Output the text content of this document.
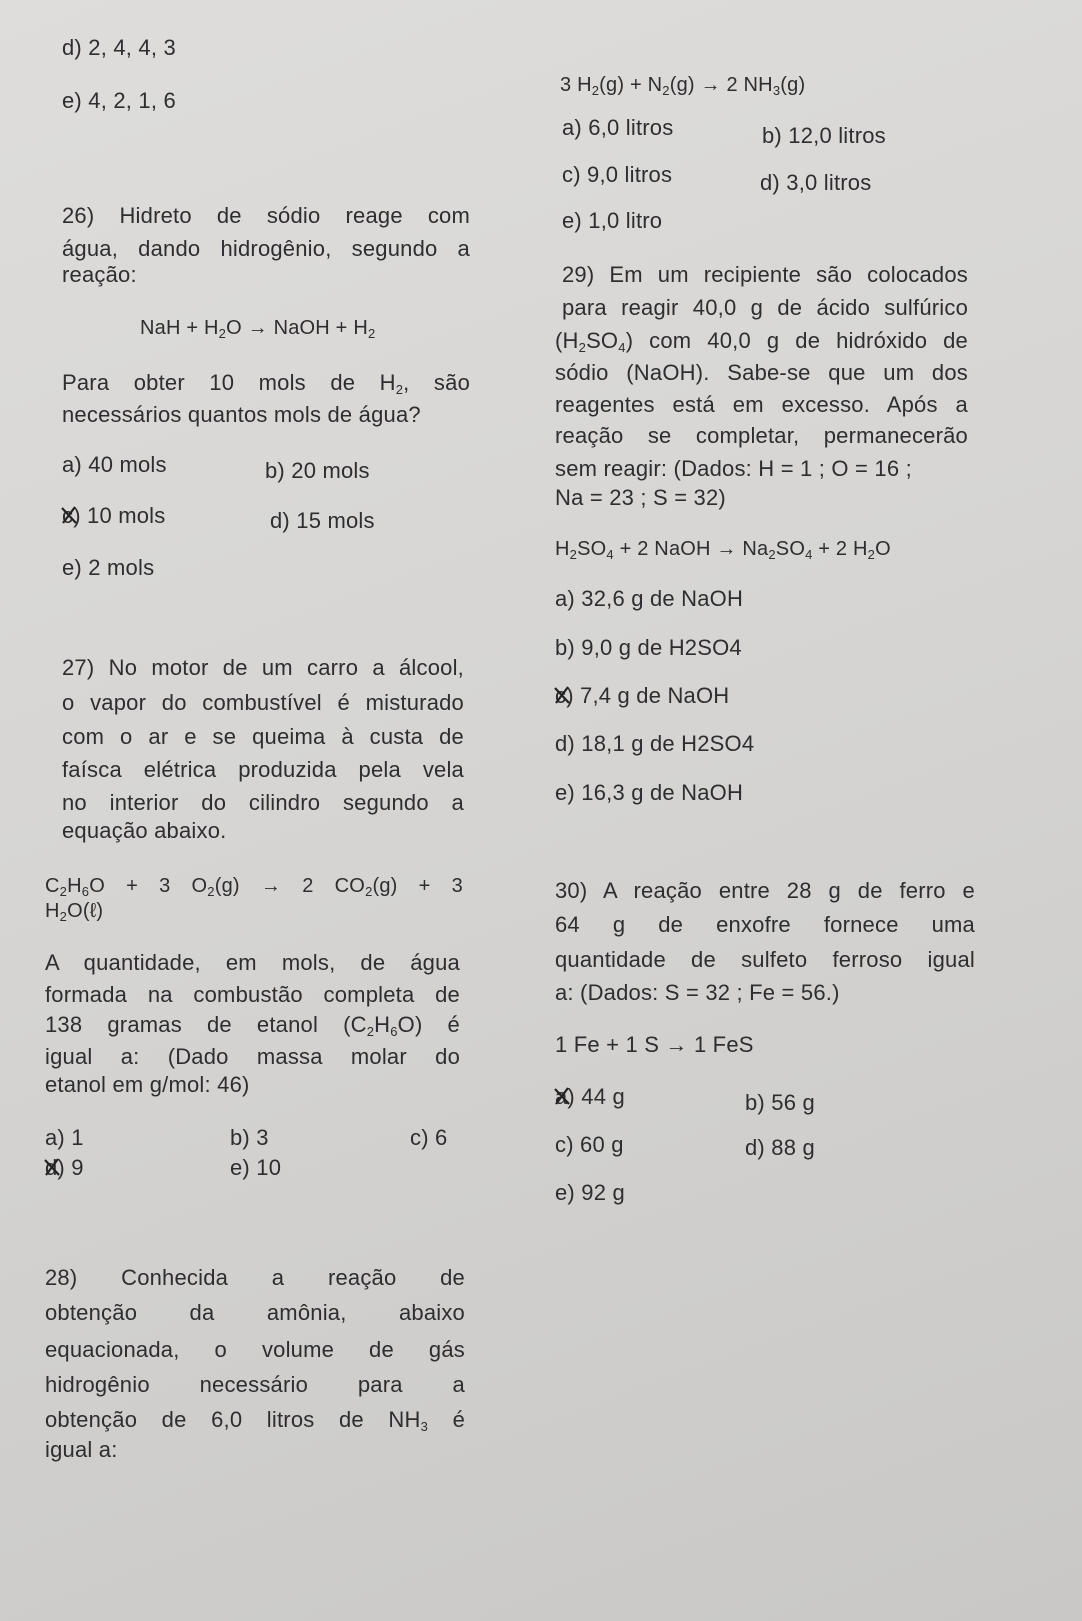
d) 2, 4, 4, 3
e) 4, 2, 1, 6
26) Hidreto de sódio reage com
água, dando hidrogênio, segundo a
reação:
NaH + $H_2O$ → NaOH + $H_2$
Para obter 10 mols de $H_2$, são
necessários quantos mols de água?
a) 40 mols	b) 20 mols
c) 10 mols	d) 15 mols
e) 2 mols
27) No motor de um carro a álcool,
o vapor do combustível é misturado
com o ar e se queima à custa de
faísca elétrica produzida pela vela
no interior do cilindro segundo a
equação abaixo.
$C_2H_6O + 3$ $O_2(g) \to 2$ $CO_2(g) + 3$
$H_2O(\ell)$
A quantidade, em mols, de água
formada na combustão completa de
138 gramas de etanol $(C_2H_6O)$ é
igual a: (Dado massa molar do
etanol em g/mol: 46)
a) 1	b) 3	c) 6
d) 9	e) 10
28) Conhecida a reação de
obtenção da amônia, abaixo
equacionada, o volume de gás
hidrogênio necessário para a
obtenção de 6,0 litros de $NH_3$ é
igual a:
3 $H_2(g) + N_2(g) \to 2$ $NH_3(g)$
a) 6,0 litros	b) 12,0 litros
c) 9,0 litros	d) 3,0 litros
e) 1,0 litro
29) Em um recipiente são colocados
para reagir 40,0 g de ácido sulfúrico
$(H_2SO_4)$ com 40,0 g de hidróxido de
sódio (NaOH). Sabe-se que um dos
reagentes está em excesso. Após a
reação se completar, permanecerão
sem reagir: (Dados: H = 1 ; O = 16 ;
Na = 23 ; S = 32)
$H_2SO_4 + 2$ NaOH → $Na_2SO_4 + 2$ $H_2O$
a) 32,6 g de NaOH
b) 9,0 g de H2SO4
c) 7,4 g de NaOH
d) 18,1 g de H2SO4
e) 16,3 g de NaOH
30) A reação entre 28 g de ferro e
64 g de enxofre fornece uma
quantidade de sulfeto ferroso igual
a: (Dados: S = 32 ; Fe = 56.)
1 Fe + 1 S → 1 FeS
a) 44 g	b) 56 g
c) 60 g	d) 88 g
e) 92 g
